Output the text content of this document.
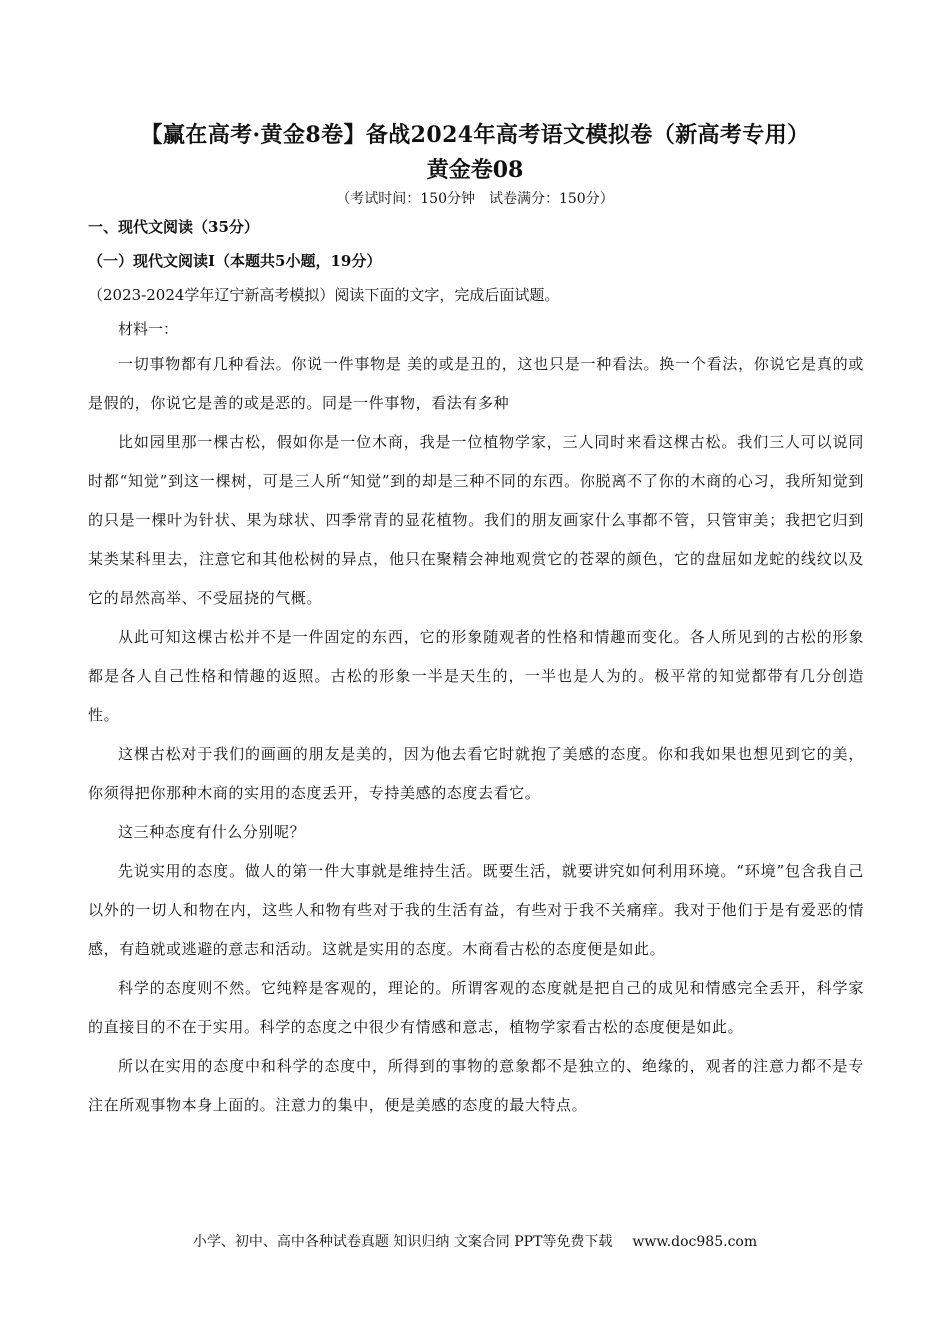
【赢在高考·黄金8卷】备战2024年高考语文模拟卷（新高考专用）
黄金卷08
（考试时间：150分钟　试卷满分：150分）
一、现代文阅读（35分）
（一）现代文阅读Ⅰ（本题共5小题，19分）
（2023-2024学年辽宁新高考模拟）阅读下面的文字，完成后面试题。
材料一：

一切事物都有几种看法。你说一件事物是 美的或是丑的，这也只是一种看法。换一个看法，你说它是真的或是假的，你说它是善的或是恶的。同是一件事物，看法有多种

比如园里那一棵古松，假如你是一位木商，我是一位植物学家，三人同时来看这棵古松。我们三人可以说同时都“知觉”到这一棵树，可是三人所“知觉”到的却是三种不同的东西。你脱离不了你的木商的心习，我所知觉到的只是一棵叶为针状、果为球状、四季常青的显花植物。我们的朋友画家什么事都不管，只管审美；我把它归到某类某科里去，注意它和其他松树的异点，他只在聚精会神地观赏它的苍翠的颜色，它的盘屈如龙蛇的线纹以及它的昂然高举、不受屈挠的气概。

从此可知这棵古松并不是一件固定的东西，它的形象随观者的性格和情趣而变化。各人所见到的古松的形象都是各人自己性格和情趣的返照。古松的形象一半是天生的，一半也是人为的。极平常的知觉都带有几分创造性。

这棵古松对于我们的画画的朋友是美的，因为他去看它时就抱了美感的态度。你和我如果也想见到它的美，你须得把你那种木商的实用的态度丢开，专持美感的态度去看它。

这三种态度有什么分别呢？

先说实用的态度。做人的第一件大事就是维持生活。既要生活，就要讲究如何利用环境。“环境”包含我自己以外的一切人和物在内，这些人和物有些对于我的生活有益，有些对于我不关痛痒。我对于他们于是有爱恶的情感，有趋就或逃避的意志和活动。这就是实用的态度。木商看古松的态度便是如此。

科学的态度则不然。它纯粹是客观的，理论的。所谓客观的态度就是把自己的成见和情感完全丢开，科学家的直接目的不在于实用。科学的态度之中很少有情感和意志，植物学家看古松的态度便是如此。

所以在实用的态度中和科学的态度中，所得到的事物的意象都不是独立的、绝缘的，观者的注意力都不是专注在所观事物本身上面的。注意力的集中，便是美感的态度的最大特点。

小学、初中、高中各种试卷真题 知识归纳 文案合同 PPT等免费下载 www.doc985.com
